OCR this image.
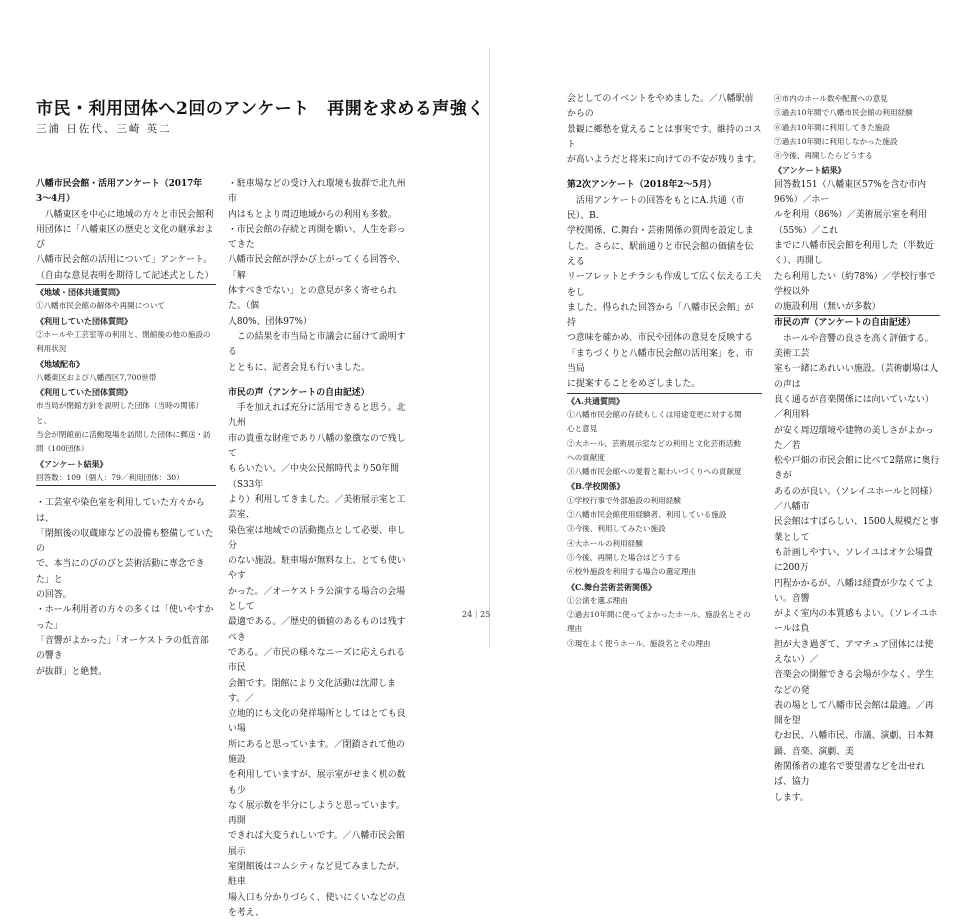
市民・利用団体へ2回のアンケート　再開を求める声強く
三浦 日佐代、三崎 英二
八幡市民会館・活用アンケート（2017年3〜4月）
　八幡東区を中心に地域の方々と市民会館利
用団体に「八幡東区の歴史と文化の継承および
八幡市民会館の活用について」アンケート。
（自由な意見表明を期待して記述式とした）
《地域・団体共通質問》
①八幡市民会館の解体や再開について
《利用していた団体質問》
②ホールや工芸室等の利用と、閉館後の他の施設の
利用状況
《地域配布》
八幡東区および八幡西区7,700世帯
《利用していた団体質問》
市当局が閉館方針を説明した団体（当時の関係）と、
当会が閉館前に活動現場を訪問した団体に郵送・訪
問（100団体）
《アンケート結果》
回答数：109（個人：79／利用団体：30）
・工芸室や染色室を利用していた方々からは、
「閉館後の収蔵庫などの設備も整備していたの
で、本当にのびのびと芸術活動に専念できた」と
の回答。
・ホール利用者の方々の多くは「使いやすかった」
「音響がよかった」「オーケストラの低音部の響き
が抜群」と絶賛。
・駐車場などの受け入れ環境も抜群で北九州市
内はもとより周辺地域からの利用も多数。
・市民会館の存続と再開を願い、人生を彩ってきた
八幡市民会館が浮かび上がってくる回答や、「解
体すべきでない」との意見が多く寄せられた。（個
人80%、団体97%）
　この結果を市当局と市議会に届けて説明する
とともに、記者会見も行いました。
市民の声（アンケートの自由記述）
　手を加えれば充分に活用できると思う。北九州
市の貴重な財産であり八幡の象徴なので残して
もらいたい。／中央公民館時代より50年間（S33年
より）利用してきました。／美術展示室と工芸室、
染色室は地域での活動拠点として必要、申し分
のない施設。駐車場が無料な上、とても使いやす
かった。／オーケストラ公演する場合の会場として
最適である。／歴史的価値のあるものは残すべき
である。／市民の様々なニーズに応えられる市民
会館です。閉館により文化活動は沈滞します。／
立地的にも文化の発祥場所としてはとても良い場
所にあると思っています。／閉鎖されて他の施設
を利用していますが、展示室がせまく机の数も少
なく展示数を半分にしようと思っています。再開
できれば大変うれしいです。／八幡市民会館展示
室閉館後はコムシティなど見てみましたが、駐車
場入口も分かりづらく、使いにくいなどの点を考え、
会としてのイベントをやめました。／八幡駅前からの
景観に郷愁を覚えることは事実です。維持のコスト
が高いようだと将来に向けての不安が残ります。
第2次アンケート（2018年2〜5月）
　活用アンケートの回答をもとにA.共通（市民）、B.
学校関係、C.舞台・芸術関係の質問を設定しま
した。さらに、駅前通りと市民会館の価値を伝える
リーフレットとチラシも作成して広く伝える工夫をし
ました。得られた回答から「八幡市民会館」が持
つ意味を確かめ、市民や団体の意見を反映する
「まちづくりと八幡市民会館の活用案」を、市当局
に提案することをめざしました。
《A.共通質問》
①八幡市民会館の存続もしくは用途変更に対する関
心と意見
②大ホール、芸術展示室などの利用と文化芸術活動
への貢献度
③八幡市民会館への愛着と賑わいづくりへの貢献度
《B.学校関係》
①学校行事で外部施設の利用経験
②八幡市民会館使用経験者、利用している施設
③今後、利用してみたい施設
④大ホールの利用経験
⑤今後、再開した場合はどうする
⑥校外施設を利用する場合の選定理由
《C.舞台芸術芸術関係》
①公演を選ぶ理由
②過去10年間に使ってよかったホール、施設名とその
理由
③現在よく使うホール、施設名とその理由
④市内のホール数や配置への意見
⑤過去10年間で八幡市民会館の利用経験
⑥過去10年間に利用してきた施設
⑦過去10年間に利用しなかった施設
⑧今後、再開したらどうする
《アンケート結果》
回答数151（八幡東区57%を含む市内96%）／ホー
ルを利用（86%）／美術展示室を利用（55%）／これ
までに八幡市民会館を利用した（半数近く）、再開し
たら利用したい（約78%）／学校行事で学校以外
の施設利用（無いが多数）
市民の声（アンケートの自由記述）
　ホールや音響の良さを高く評価する。美術工芸
室も一緒にあれいい施設。（芸術劇場は人の声は
良く通るが音楽関係には向いていない）／利用料
が安く周辺環境や建物の美しさがよかった／若
松や戸畑の市民会館に比べて2階席に奥行きが
あるのが良い。（ソレイユホールと同様）／八幡市
民会館はすばらしい、1500人規模だと事業として
も計画しやすい、ソレイユはオケ公場費に200万
円程かかるが、八幡は経費が少なくてよい。音響
がよく室内の本質感もよい。（ソレイユホールは負
担が大き過ぎて、アマチュア団体には使えない）／
音楽会の開催できる会場が少なく、学生などの発
表の場として八幡市民会館は最適。／再開を望
むお民、八幡市民、市議、演劇、日本舞踊、音楽、演劇、美
術関係者の連名で要望書などを出せれば、協力
します。
24｜25
